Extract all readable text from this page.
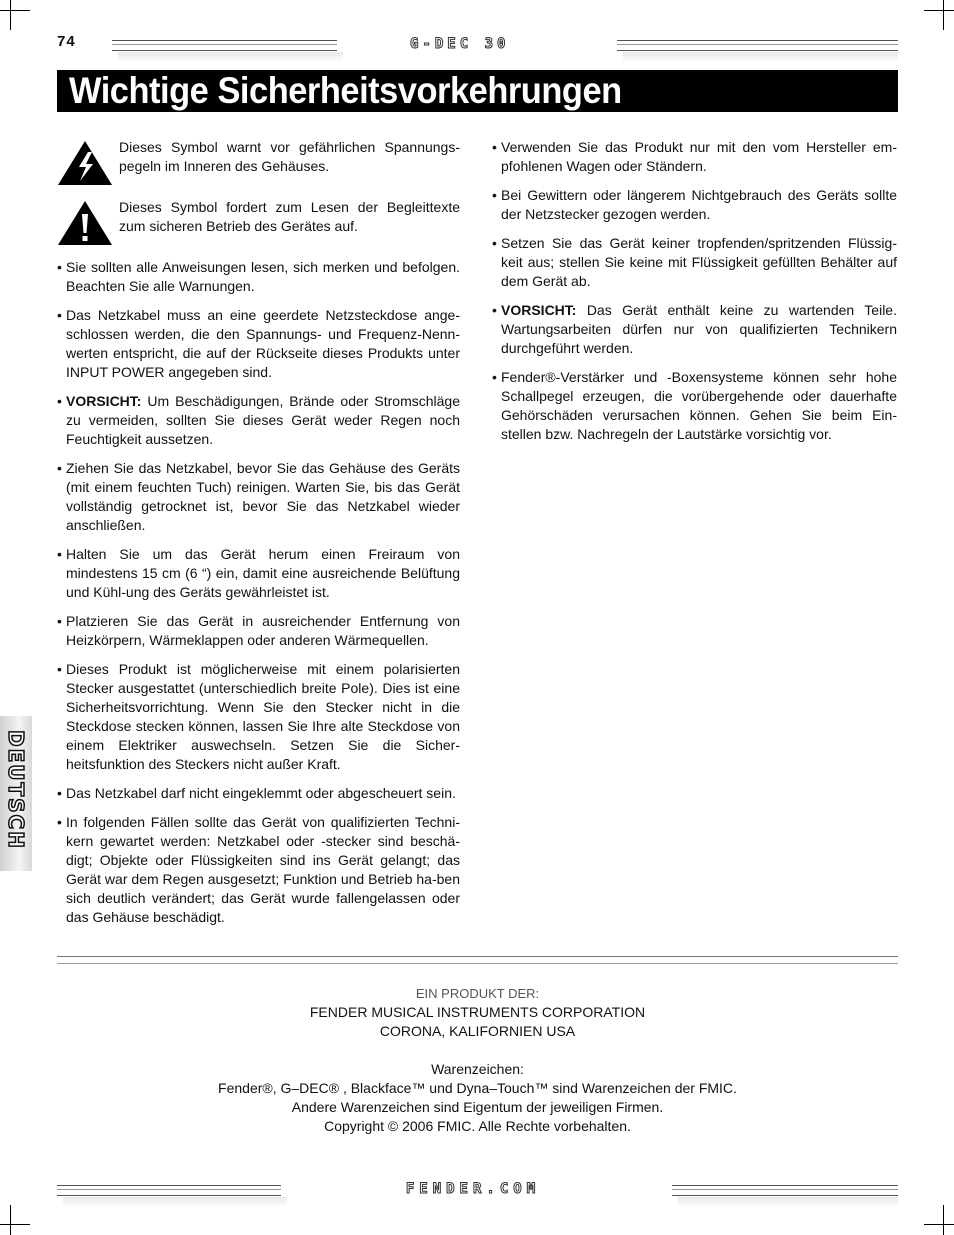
74	G-DEC 30
Wichtige Sicherheitsvorkehrungen
Dieses Symbol warnt vor gefährlichen Spannungs-pegeln im Inneren des Gehäuses.
Dieses Symbol fordert zum Lesen der Begleittexte zum sicheren Betrieb des Gerätes auf.
• Sie sollten alle Anweisungen lesen, sich merken und befolgen. Beachten Sie alle Warnungen.
• Das Netzkabel muss an eine geerdete Netzsteckdose ange-schlossen werden, die den Spannungs- und Frequenz-Nenn-werten entspricht, die auf der Rückseite dieses Produkts unter INPUT POWER angegeben sind.
• VORSICHT: Um Beschädigungen, Brände oder Stromschläge zu vermeiden, sollten Sie dieses Gerät weder Regen noch Feuchtigkeit aussetzen.
• Ziehen Sie das Netzkabel, bevor Sie das Gehäuse des Geräts (mit einem feuchten Tuch) reinigen. Warten Sie, bis das Gerät vollständig getrocknet ist, bevor Sie das Netzkabel wieder anschließen.
• Halten Sie um das Gerät herum einen Freiraum von mindestens 15 cm (6 “) ein, damit eine ausreichende Belüftung und Kühl-ung des Geräts gewährleistet ist.
• Platzieren Sie das Gerät in ausreichender Entfernung von Heizkörpern, Wärmeklappen oder anderen Wärmequellen.
• Dieses Produkt ist möglicherweise mit einem polarisierten Stecker ausgestattet (unterschiedlich breite Pole). Dies ist eine Sicherheitsvorrichtung. Wenn Sie den Stecker nicht in die Steckdose stecken können, lassen Sie Ihre alte Steckdose von einem Elektriker auswechseln. Setzen Sie die Sicher-heitsfunktion des Steckers nicht außer Kraft.
• Das Netzkabel darf nicht eingeklemmt oder abgescheuert sein.
• In folgenden Fällen sollte das Gerät von qualifizierten Techni-kern gewartet werden: Netzkabel oder -stecker sind beschä-digt; Objekte oder Flüssigkeiten sind ins Gerät gelangt; das Gerät war dem Regen ausgesetzt; Funktion und Betrieb ha-ben sich deutlich verändert; das Gerät wurde fallengelassen oder das Gehäuse beschädigt.
• Verwenden Sie das Produkt nur mit den vom Hersteller em-pfohlenen Wagen oder Ständern.
• Bei Gewittern oder längerem Nichtgebrauch des Geräts sollte der Netzstecker gezogen werden.
• Setzen Sie das Gerät keiner tropfenden/spritzenden Flüssig-keit aus; stellen Sie keine mit Flüssigkeit gefüllten Behälter auf dem Gerät ab.
• VORSICHT: Das Gerät enthält keine zu wartenden Teile. Wartungsarbeiten dürfen nur von qualifizierten Technikern durchgeführt werden.
• Fender®-Verstärker und -Boxensysteme können sehr hohe Schallpegel erzeugen, die vorübergehende oder dauerhafte Gehörschäden verursachen können. Gehen Sie beim Ein-stellen bzw. Nachregeln der Lautstärke vorsichtig vor.
DEUTSCH
EIN PRODUKT DER:
FENDER MUSICAL INSTRUMENTS CORPORATION
CORONA, KALIFORNIEN USA
Warenzeichen:
Fender®, G–DEC® , Blackface™ und Dyna–Touch™ sind Warenzeichen der FMIC.
Andere Warenzeichen sind Eigentum der jeweiligen Firmen.
Copyright © 2006 FMIC. Alle Rechte vorbehalten.
FENDER.COM
